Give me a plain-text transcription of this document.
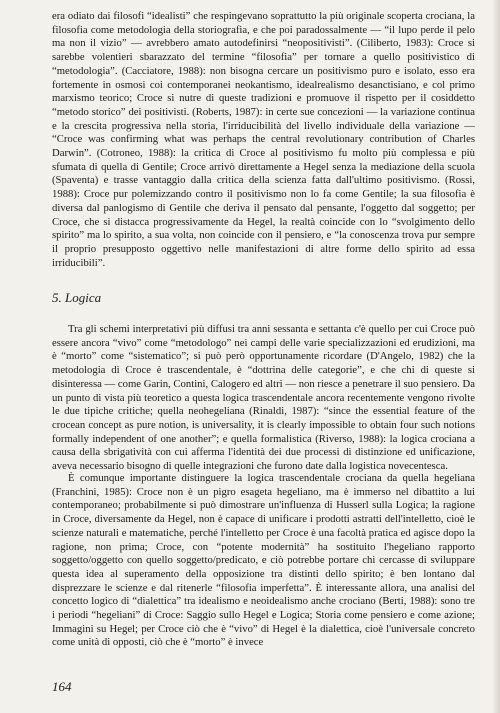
era odiato dai filosofi “idealisti” che respingevano soprattutto la più originale scoperta crociana, la filosofia come metodologia della storiografia, e che poi paradossalmente — “il lupo perde il pelo ma non il vizio” — avrebbero amato autodefinirsi “neopositivisti”. (Ciliberto, 1983): Croce si sarebbe volentieri sbarazzato del termine “filosofia” per tornare a quello positivistico di “metodologia”. (Cacciatore, 1988): non bisogna cercare un positivismo puro e isolato, esso era fortemente in osmosi coi contemporanei neokantismo, idealrealismo desanctisiano, e col primo marxismo teorico; Croce si nutre di queste tradizioni e promuove il rispetto per il cosiddetto “metodo storico” dei positivisti. (Roberts, 1987): in certe sue concezioni — la variazione continua e la crescita progressiva nella storia, l'irriducibilità del livello individuale della variazione — “Croce was confirming what was perhaps the central revolutionary contribution of Charles Darwin”. (Cotroneo, 1988): la critica di Croce al positivismo fu molto più complessa e più sfumata di quella di Gentile; Croce arrivò direttamente a Hegel senza la mediazione della scuola (Spaventa) e trasse vantaggio dalla critica della scienza fatta dall'ultimo positivismo. (Rossi, 1988): Croce pur polemizzando contro il positivismo non lo fa come Gentile; la sua filosofia è diversa dal panlogismo di Gentile che deriva il pensato dal pensante, l'oggetto dal soggetto; per Croce, che si distacca progressivamente da Hegel, la realtà coincide con lo “svolgimento dello spirito” ma lo spirito, a sua volta, non coincide con il pensiero, e “la conoscenza trova pur sempre il proprio presupposto oggettivo nelle manifestazioni di altre forme dello spirito ad essa irriducibili”.

5. Logica

Tra gli schemi interpretativi più diffusi tra anni sessanta e settanta c'è quello per cui Croce può essere ancora “vivo” come “metodologo” nei campi delle varie specializzazioni ed erudizioni, ma è “morto” come “sistematico”; si può però opportunamente ricordare (D'Angelo, 1982) che la metodologia di Croce è trascendentale, è “dottrina delle categorie”, e che chi di queste si disinteressa — come Garin, Contini, Calogero ed altri — non riesce a penetrare il suo pensiero. Da un punto di vista più teoretico a questa logica trascendentale ancora recentemente vengono rivolte le due tipiche critiche; quella neohegeliana (Rinaldi, 1987): “since the essential feature of the crocean concept as pure notion, is universality, it is clearly impossible to obtain four such notions formally independent of one another”; e quella formalistica (Riverso, 1988): la logica crociana a causa della sbrigatività con cui afferma l'identità dei due processi di distinzione ed unificazione, aveva necessario bisogno di quelle integrazioni che furono date dalla logistica novecentesca.

È comunque importante distinguere la logica trascendentale crociana da quella hegeliana (Franchini, 1985): Croce non è un pigro esageta hegeliano, ma è immerso nel dibattito a lui contemporaneo; probabilmente si può dimostrare un'influenza di Husserl sulla Logica; la ragione in Croce, diversamente da Hegel, non è capace di unificare i prodotti astratti dell'intelletto, cioè le scienze naturali e matematiche, perché l'intelletto per Croce è una facoltà pratica ed agisce dopo la ragione, non prima; Croce, con “potente modernità” ha sostituito l'hegeliano rapporto soggetto/oggetto con quello soggetto/predicato, e ciò potrebbe portare chi cercasse di sviluppare questa idea al superamento della opposizione tra distinti dello spirito; è ben lontano dal disprezzare le scienze e dal ritenerle “filosofia imperfetta”. È interessante allora, una analisi del concetto logico di “dialettica” tra idealismo e neoidealismo anche crociano (Berti, 1988): sono tre i periodi “hegeliani” di Croce: Saggio sullo Hegel e Logica; Storia come pensiero e come azione; Immagini su Hegel; per Croce ciò che è “vivo” di Hegel è la dialettica, cioè l'universale concreto come unità di opposti, ciò che è “morto” è invece

164
